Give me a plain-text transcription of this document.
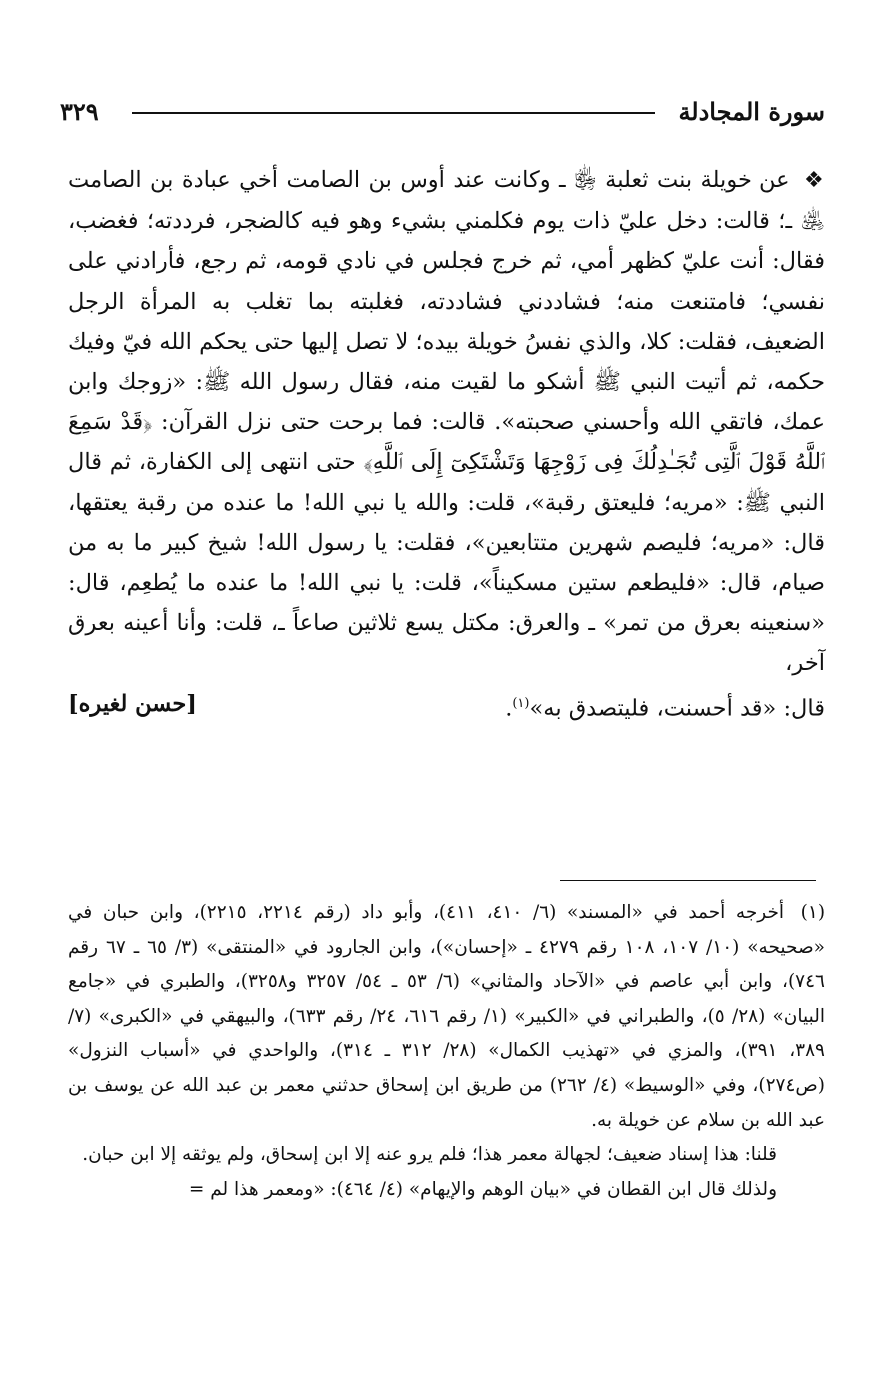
سورة المجادلة
٣٢٩

❖ عن خويلة بنت ثعلبة ﵂ ـ وكانت عند أوس بن الصامت أخي عبادة بن الصامت ﵁ ـ؛ قالت: دخل عليّ ذات يوم فكلمني بشيء وهو فيه كالضجر، فرددته؛ فغضب، فقال: أنت عليّ كظهر أمي، ثم خرج فجلس في نادي قومه، ثم رجع، فأرادني على نفسي؛ فامتنعت منه؛ فشاددني فشاددته، فغلبته بما تغلب به المرأة الرجل الضعيف، فقلت: كلا، والذي نفسُ خويلة بيده؛ لا تصل إليها حتى يحكم الله فيّ وفيك حكمه، ثم أتيت النبي ﷺ أشكو ما لقيت منه، فقال رسول الله ﷺ: «زوجك وابن عمك، فاتقي الله وأحسني صحبته». قالت: فما برحت حتى نزل القرآن: ﴿قَدْ سَمِعَ ٱللَّهُ قَوْلَ ٱلَّتِى تُجَـٰدِلُكَ فِى زَوْجِهَا وَتَشْتَكِىٓ إِلَى ٱللَّهِ﴾ حتى انتهى إلى الكفارة، ثم قال النبي ﷺ: «مريه؛ فليعتق رقبة»، قلت: والله يا نبي الله! ما عنده من رقبة يعتقها، قال: «مريه؛ فليصم شهرين متتابعين»، فقلت: يا رسول الله! شيخ كبير ما به من صيام، قال: «فليطعم ستين مسكيناً»، قلت: يا نبي الله! ما عنده ما يُطعِم، قال: «سنعينه بعرق من تمر» ـ والعرق: مكتل يسع ثلاثين صاعاً ـ، قلت: وأنا أعينه بعرق آخر،

قال: «قد أحسنت، فليتصدق به»$^{(١)}$.
[حسن لغيره]

(١) أخرجه أحمد في «المسند» (٦/ ٤١٠، ٤١١)، وأبو داد (رقم ٢٢١٤، ٢٢١٥)، وابن حبان في «صحيحه» (١٠/ ١٠٧، ١٠٨ رقم ٤٢٧٩ ـ «إحسان»)، وابن الجارود في «المنتقى» (٣/ ٦٥ ـ ٦٧ رقم ٧٤٦)، وابن أبي عاصم في «الآحاد والمثاني» (٦/ ٥٣ ـ ٥٤/ ٣٢٥٧ و٣٢٥٨)، والطبري في «جامع البيان» (٢٨/ ٥)، والطبراني في «الكبير» (١/ رقم ٦١٦، ٢٤/ رقم ٦٣٣)، والبيهقي في «الكبرى» (٧/ ٣٨٩، ٣٩١)، والمزي في «تهذيب الكمال» (٢٨/ ٣١٢ ـ ٣١٤)، والواحدي في «أسباب النزول» (ص٢٧٤)، وفي «الوسيط» (٤/ ٢٦٢) من طريق ابن إسحاق حدثني معمر بن عبد الله عن يوسف بن عبد الله بن سلام عن خويلة به.

قلنا: هذا إسناد ضعيف؛ لجهالة معمر هذا؛ فلم يرو عنه إلا ابن إسحاق، ولم يوثقه إلا ابن حبان.

ولذلك قال ابن القطان في «بيان الوهم والإيهام» (٤/ ٤٦٤): «ومعمر هذا لم =
